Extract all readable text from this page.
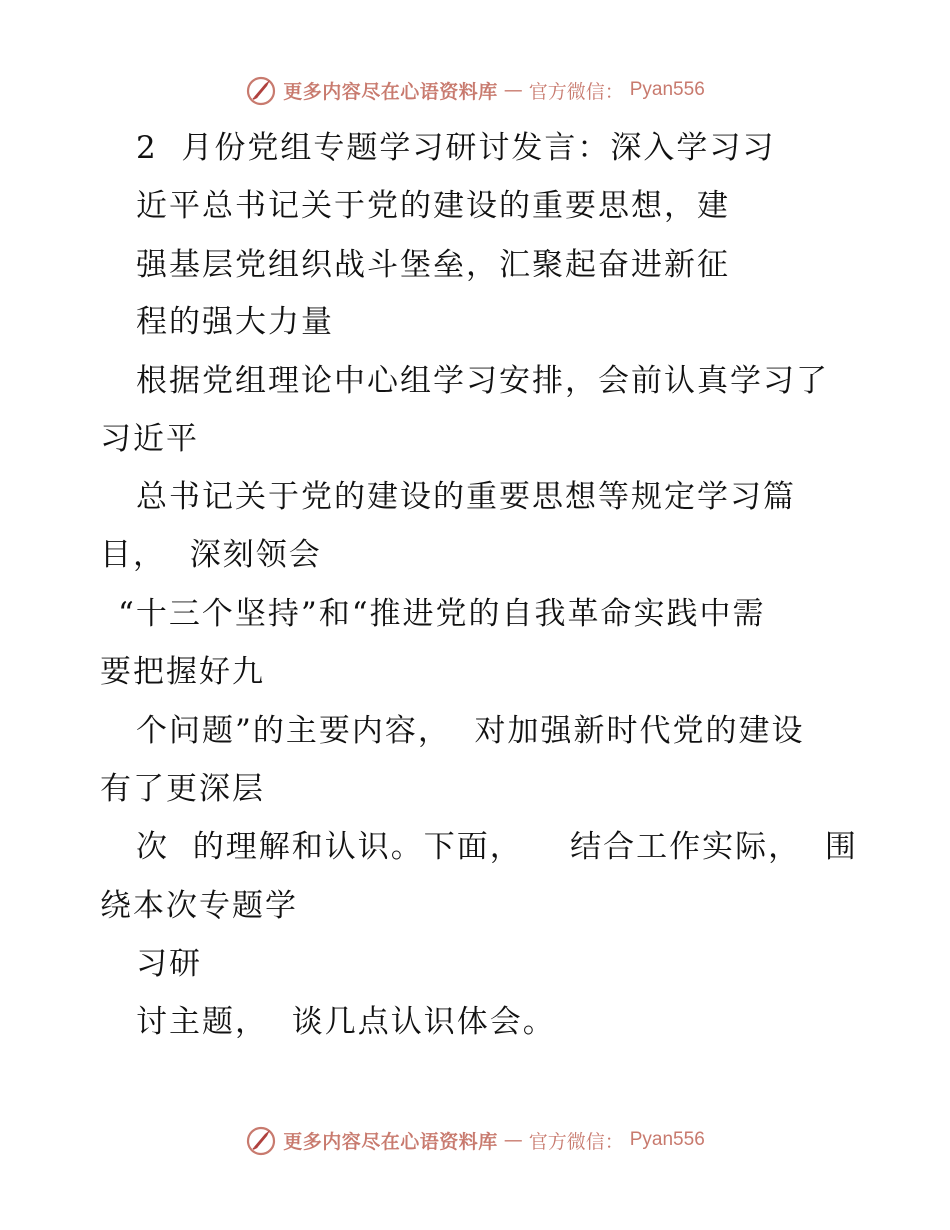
更多内容尽在心语资料库 — 官方微信： Pyan556
2  月份党组专题学习研讨发言：深入学习习
近平总书记关于党的建设的重要思想，建
强基层党组织战斗堡垒，汇聚起奋进新征
程的强大力量
根据党组理论中心组学习安排，会前认真学习了
习近平
总书记关于党的建设的重要思想等规定学习篇
目，  深刻领会
“十三个坚持”和“推进党的自我革命实践中需
要把握好九
个问题”的主要内容，  对加强新时代党的建设
有了更深层
次  的理解和认识。下面，    结合工作实际，  围
绕本次专题学
习研
讨主题，  谈几点认识体会。
更多内容尽在心语资料库 — 官方微信： Pyan556
